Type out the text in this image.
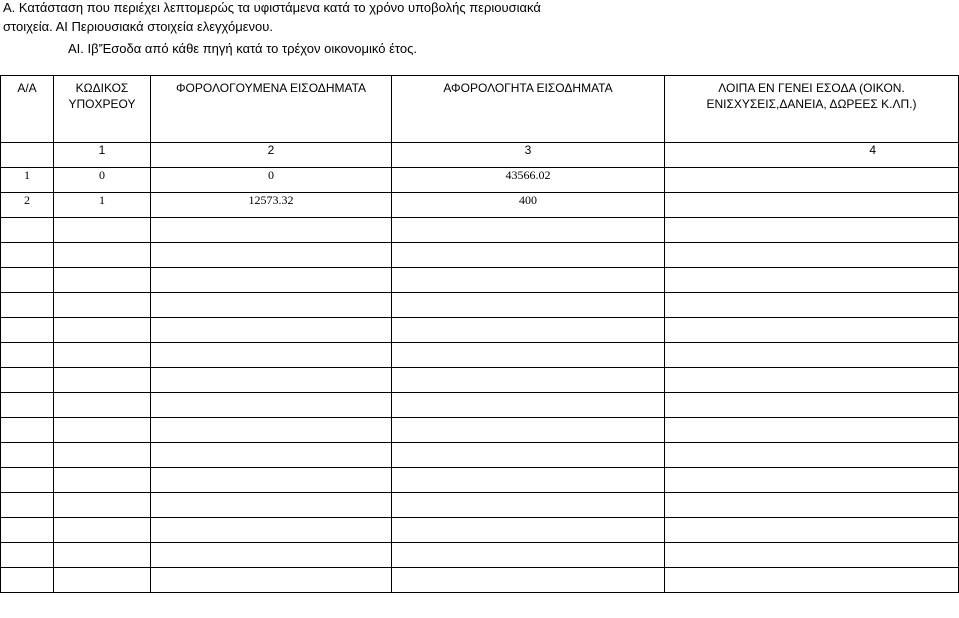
Α. Κατάσταση που περιέχει λεπτομερώς τα υφιστάμενα κατά το χρόνο υποβολής περιουσιακά
στοιχεία. ΑΙ Περιουσιακά στοιχεία ελεγχόμενου.
ΑΙ. Ιβ'Έσοδα από κάθε πηγή κατά το τρέχον οικονομικό έτος.
Α/Α	ΚΩΔΙΚΟΣ ΥΠΟΧΡΕΟΥ	ΦΟΡΟΛΟΓΟΥΜΕΝΑ ΕΙΣΟΔΗΜΑΤΑ	ΑΦΟΡΟΛΟΓΗΤΑ ΕΙΣΟΔΗΜΑΤΑ	ΛΟΙΠΑ ΕΝ ΓΕΝΕΙ ΕΣΟΔΑ (ΟΙΚΟΝ. ΕΝΙΣΧΥΣΕΙΣ,ΔΑΝΕΙΑ, ΔΩΡΕΕΣ Κ.ΛΠ.)
	1	2	3	4
1	0	0	43566.02	
2	1	12573.32	400	
